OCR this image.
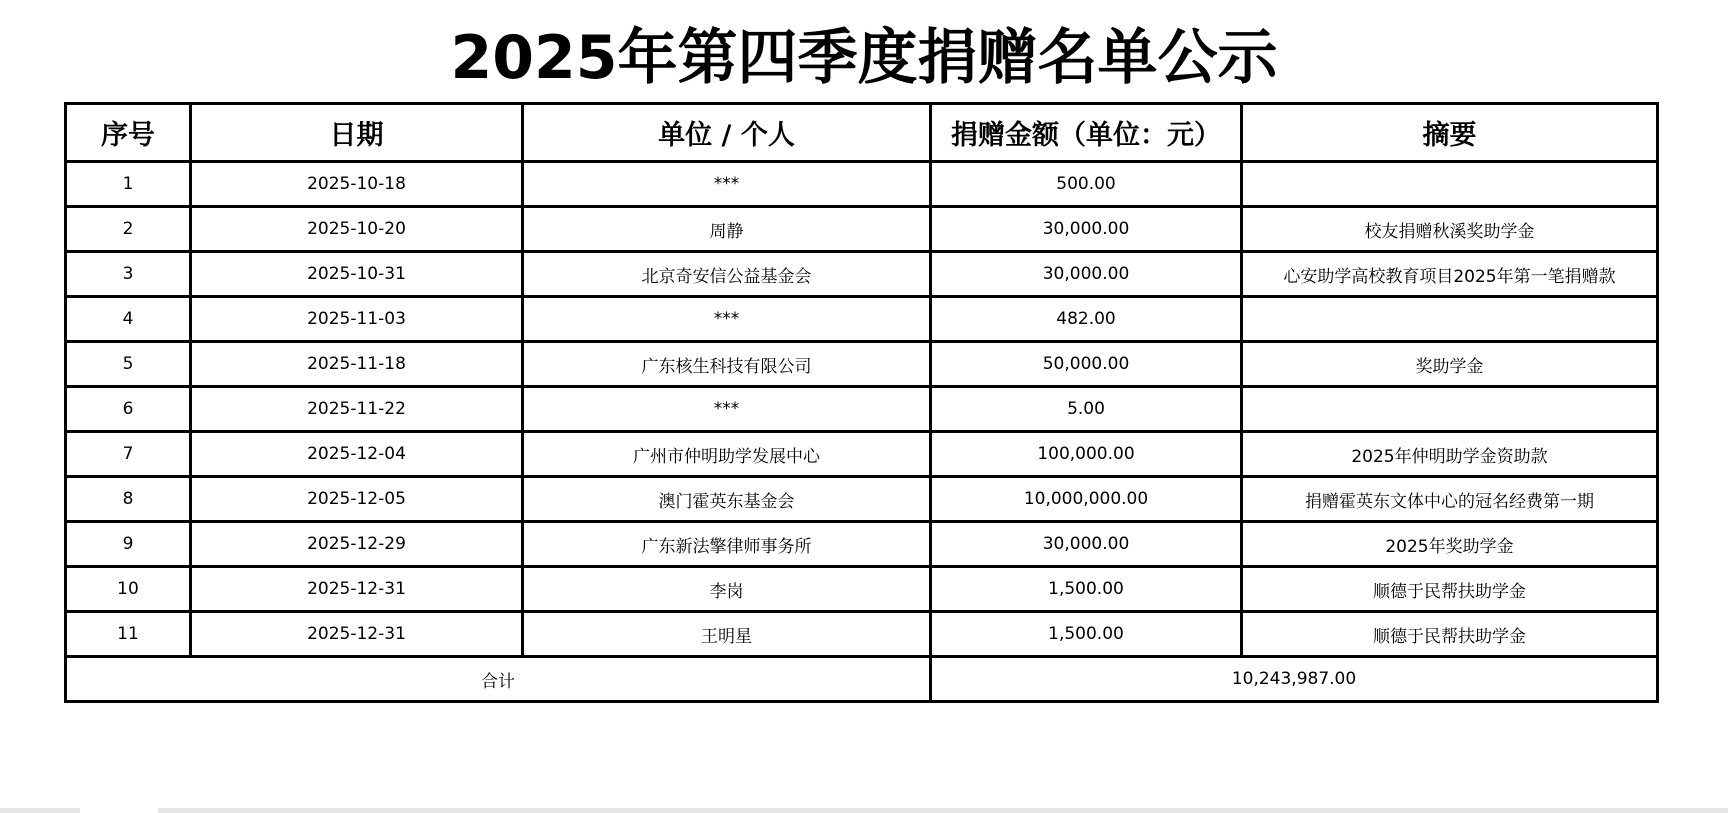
2025年第四季度捐赠名单公示
序号	日期	单位 / 个人	捐赠金额（单位：元）	摘要
1	2025-10-18	***	500.00	
2	2025-10-20	周静	30,000.00	校友捐赠秋溪奖助学金
3	2025-10-31	北京奇安信公益基金会	30,000.00	心安助学高校教育项目2025年第一笔捐赠款
4	2025-11-03	***	482.00	
5	2025-11-18	广东核生科技有限公司	50,000.00	奖助学金
6	2025-11-22	***	5.00	
7	2025-12-04	广州市仲明助学发展中心	100,000.00	2025年仲明助学金资助款
8	2025-12-05	澳门霍英东基金会	10,000,000.00	捐赠霍英东文体中心的冠名经费第一期
9	2025-12-29	广东新法擎律师事务所	30,000.00	2025年奖助学金
10	2025-12-31	李岗	1,500.00	顺德于民帮扶助学金
11	2025-12-31	王明星	1,500.00	顺德于民帮扶助学金
合计			10,243,987.00	
